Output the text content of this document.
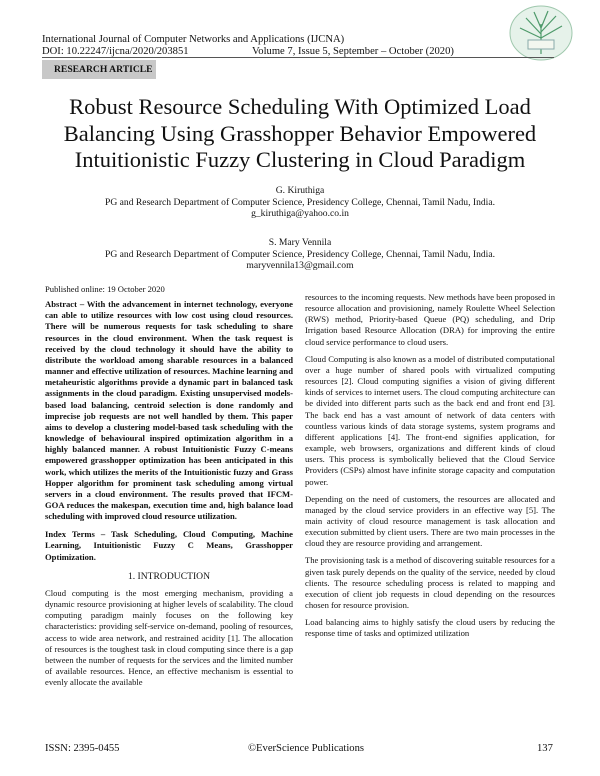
International Journal of Computer Networks and Applications (IJCNA)
DOI: 10.22247/ijcna/2020/203851	Volume 7, Issue 5, September – October (2020)
RESEARCH ARTICLE
Robust Resource Scheduling With Optimized Load
Balancing Using Grasshopper Behavior Empowered
Intuitionistic Fuzzy Clustering in Cloud Paradigm
G. Kiruthiga
PG and Research Department of Computer Science, Presidency College, Chennai, Tamil Nadu, India.
g_kiruthiga@yahoo.co.in
S. Mary Vennila
PG and Research Department of Computer Science, Presidency College, Chennai, Tamil Nadu, India.
maryvennila13@gmail.com

Published online: 19 October 2020

Abstract – With the advancement in internet technology, everyone can able to utilize resources with low cost using cloud resources. There will be numerous requests for task scheduling to share resources in the cloud environment. When the task request is received by the cloud technology it should have the ability to distribute the workload among sharable resources in a balanced manner and effective utilization of resources. Machine learning and metaheuristic algorithms provide a dynamic part in balanced task assignments in the cloud paradigm. Existing unsupervised models-based load balancing, centroid selection is done randomly and imprecise job requests are not well handled by them. This paper aims to develop a clustering model-based task scheduling with the knowledge of behavioural inspired optimization algorithm in a highly balanced manner. A robust Intuitionistic Fuzzy C-means empowered grasshopper optimization has been anticipated in this work, which utilizes the merits of the Intuitionistic fuzzy and Grass Hopper algorithm for prominent task scheduling among virtual servers in a cloud environment. The results proved that IFCM-GOA reduces the makespan, execution time and, high balance load scheduling with improved cloud resource utilization.

Index Terms – Task Scheduling, Cloud Computing, Machine Learning, Intuitionistic Fuzzy C Means, Grasshopper Optimization.

1. INTRODUCTION

Cloud computing is the most emerging mechanism, providing a dynamic resource provisioning at higher levels of scalability. The cloud computing paradigm mainly focuses on the following key characteristics: providing self-service on-demand, pooling of resources, access to wide area network, and restrained acidity [1]. The allocation of resources is the toughest task in cloud computing since there is a gap between the number of requests for the services and the limited number of available resources. Hence, an effective mechanism is essential to evenly allocate the available

resources to the incoming requests. New methods have been proposed in resource allocation and provisioning, namely Roulette Wheel Selection (RWS) method, Priority-based Queue (PQ) scheduling, and Drip Irrigation based Resource Allocation (DRA) for improving the entire cloud service performance to cloud users.

Cloud Computing is also known as a model of distributed computational over a huge number of shared pools with virtualized computing resources [2]. Cloud computing signifies a vision of giving different kinds of services to internet users. The cloud computing architecture can be divided into different parts such as the back end and front end [3]. The back end has a vast amount of network of data centers with countless various kinds of data storage systems, system programs and different applications [4]. The front-end signifies application, for example, web browsers, organizations and different kinds of cloud users. This process is symbolically believed that the Cloud Service Providers (CSPs) almost have infinite storage capacity and computation power.

Depending on the need of customers, the resources are allocated and managed by the cloud service providers in an effective way [5]. The main activity of cloud resource management is task allocation and execution submitted by client users. There are two main processes in the cloud they are resource providing and arrangement.

The provisioning task is a method of discovering suitable resources for a given task purely depends on the quality of the service, needed by cloud clients. The resource scheduling process is related to mapping and execution of client job requests in cloud depending on the resources chosen for resource provision.

Load balancing aims to highly satisfy the cloud users by reducing the response time of tasks and optimized utilization

ISSN: 2395-0455	©EverScience Publications	137
